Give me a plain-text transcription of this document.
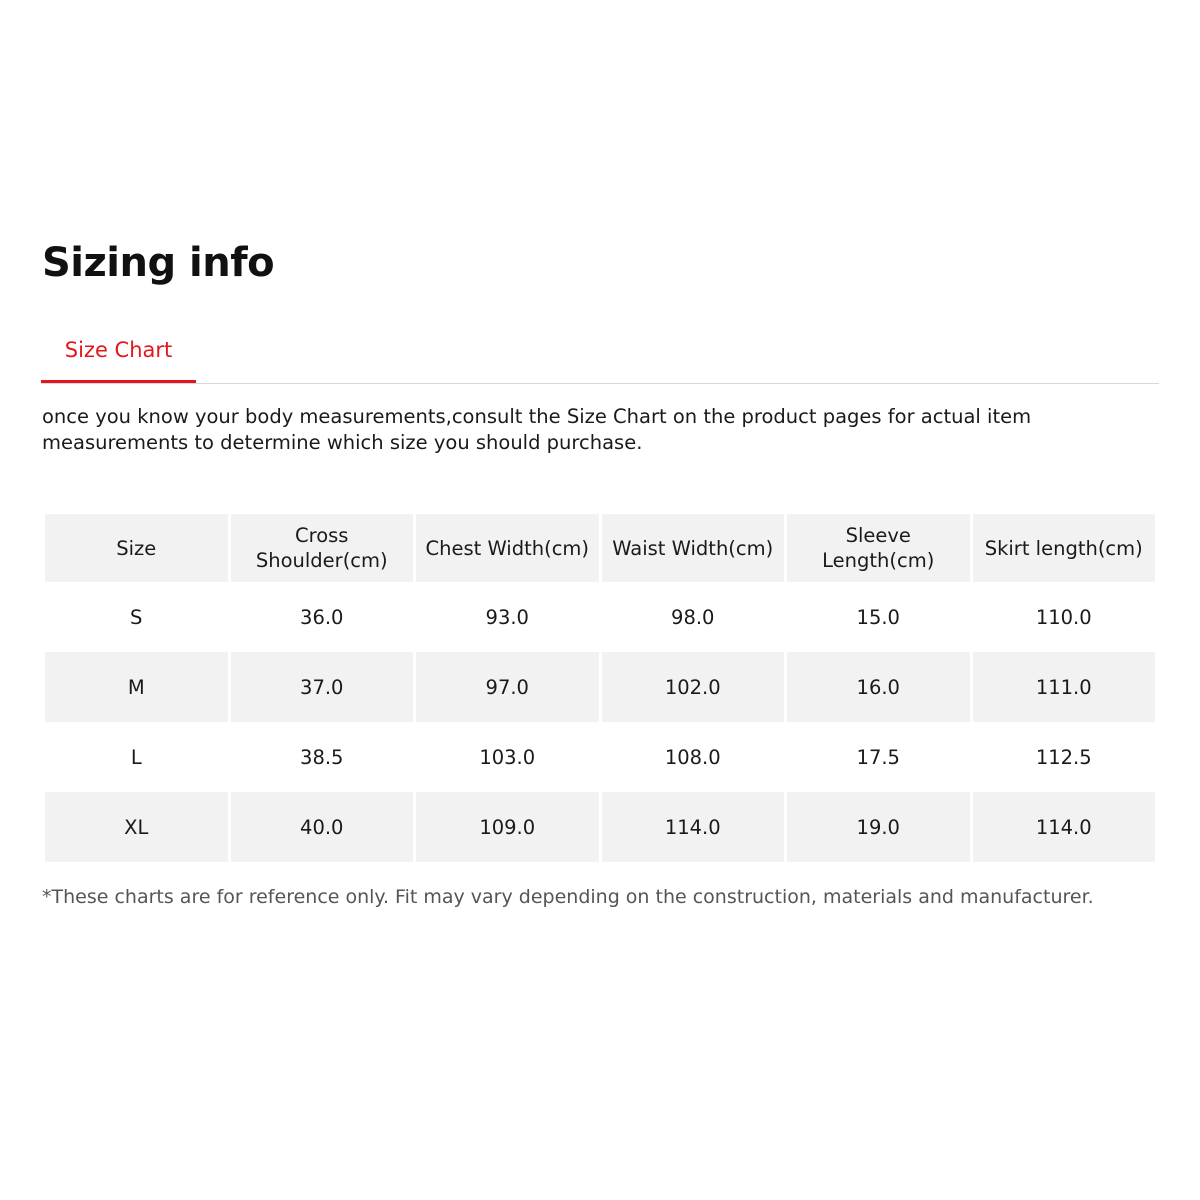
Sizing info
Size Chart

once you know your body measurements,consult the Size Chart on the product pages for actual item measurements to determine which size you should purchase.

Size	Cross Shoulder(cm)	Chest Width(cm)	Waist Width(cm)	Sleeve Length(cm)	Skirt length(cm)
S	36.0	93.0	98.0	15.0	110.0
M	37.0	97.0	102.0	16.0	111.0
L	38.5	103.0	108.0	17.5	112.5
XL	40.0	109.0	114.0	19.0	114.0

*These charts are for reference only. Fit may vary depending on the construction, materials and manufacturer.
